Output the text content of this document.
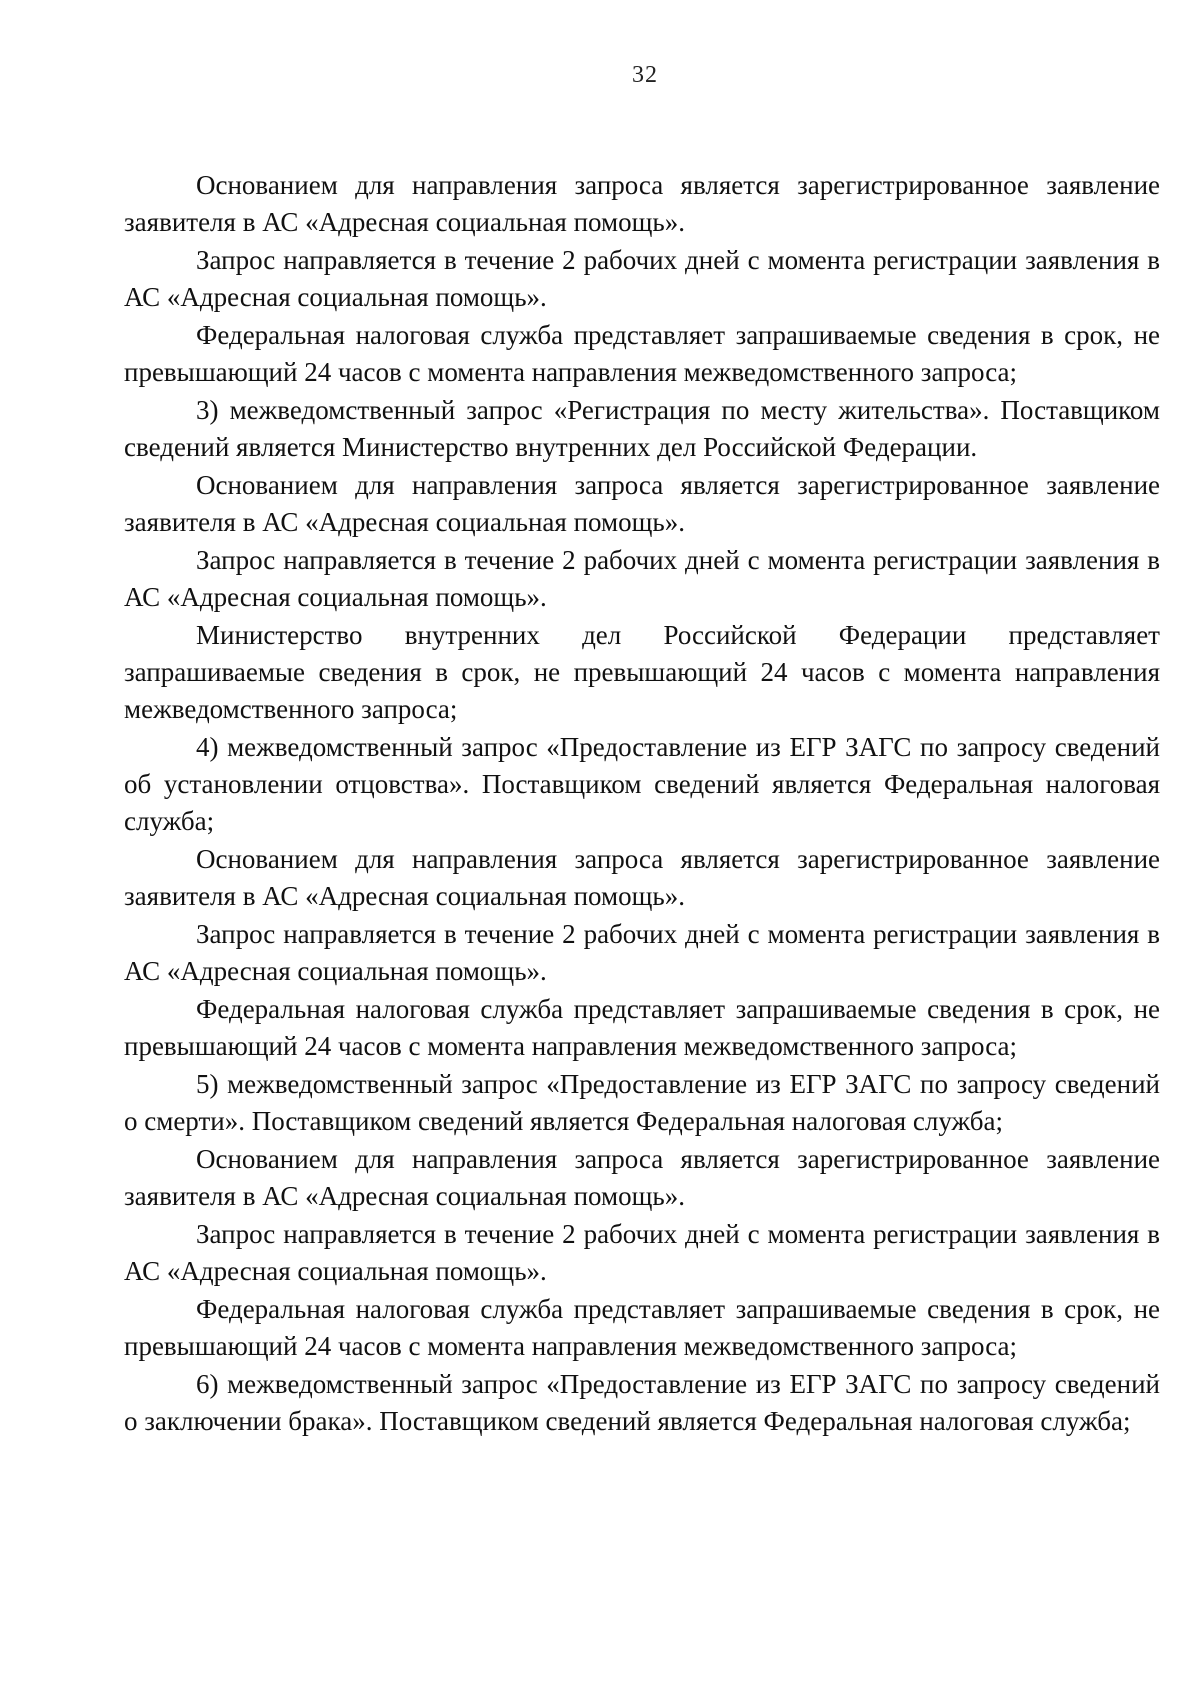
32

Основанием для направления запроса является зарегистрированное заявление заявителя в АС «Адресная социальная помощь».

Запрос направляется в течение 2 рабочих дней с момента регистрации заявления в АС «Адресная социальная помощь».

Федеральная налоговая служба представляет запрашиваемые сведения в срок, не превышающий 24 часов с момента направления межведомственного запроса;

3) межведомственный запрос «Регистрация по месту жительства». Поставщиком сведений является Министерство внутренних дел Российской Федерации.

Основанием для направления запроса является зарегистрированное заявление заявителя в АС «Адресная социальная помощь».

Запрос направляется в течение 2 рабочих дней с момента регистрации заявления в АС «Адресная социальная помощь».

Министерство внутренних дел Российской Федерации представляет запрашиваемые сведения в срок, не превышающий 24 часов с момента направления межведомственного запроса;

4) межведомственный запрос «Предоставление из ЕГР ЗАГС по запросу сведений об установлении отцовства». Поставщиком сведений является Федеральная налоговая служба;

Основанием для направления запроса является зарегистрированное заявление заявителя в АС «Адресная социальная помощь».

Запрос направляется в течение 2 рабочих дней с момента регистрации заявления в АС «Адресная социальная помощь».

Федеральная налоговая служба представляет запрашиваемые сведения в срок, не превышающий 24 часов с момента направления межведомственного запроса;

5) межведомственный запрос «Предоставление из ЕГР ЗАГС по запросу сведений о смерти». Поставщиком сведений является Федеральная налоговая служба;

Основанием для направления запроса является зарегистрированное заявление заявителя в АС «Адресная социальная помощь».

Запрос направляется в течение 2 рабочих дней с момента регистрации заявления в АС «Адресная социальная помощь».

Федеральная налоговая служба представляет запрашиваемые сведения в срок, не превышающий 24 часов с момента направления межведомственного запроса;

6) межведомственный запрос «Предоставление из ЕГР ЗАГС по запросу сведений о заключении брака». Поставщиком сведений является Федеральная налоговая служба;
